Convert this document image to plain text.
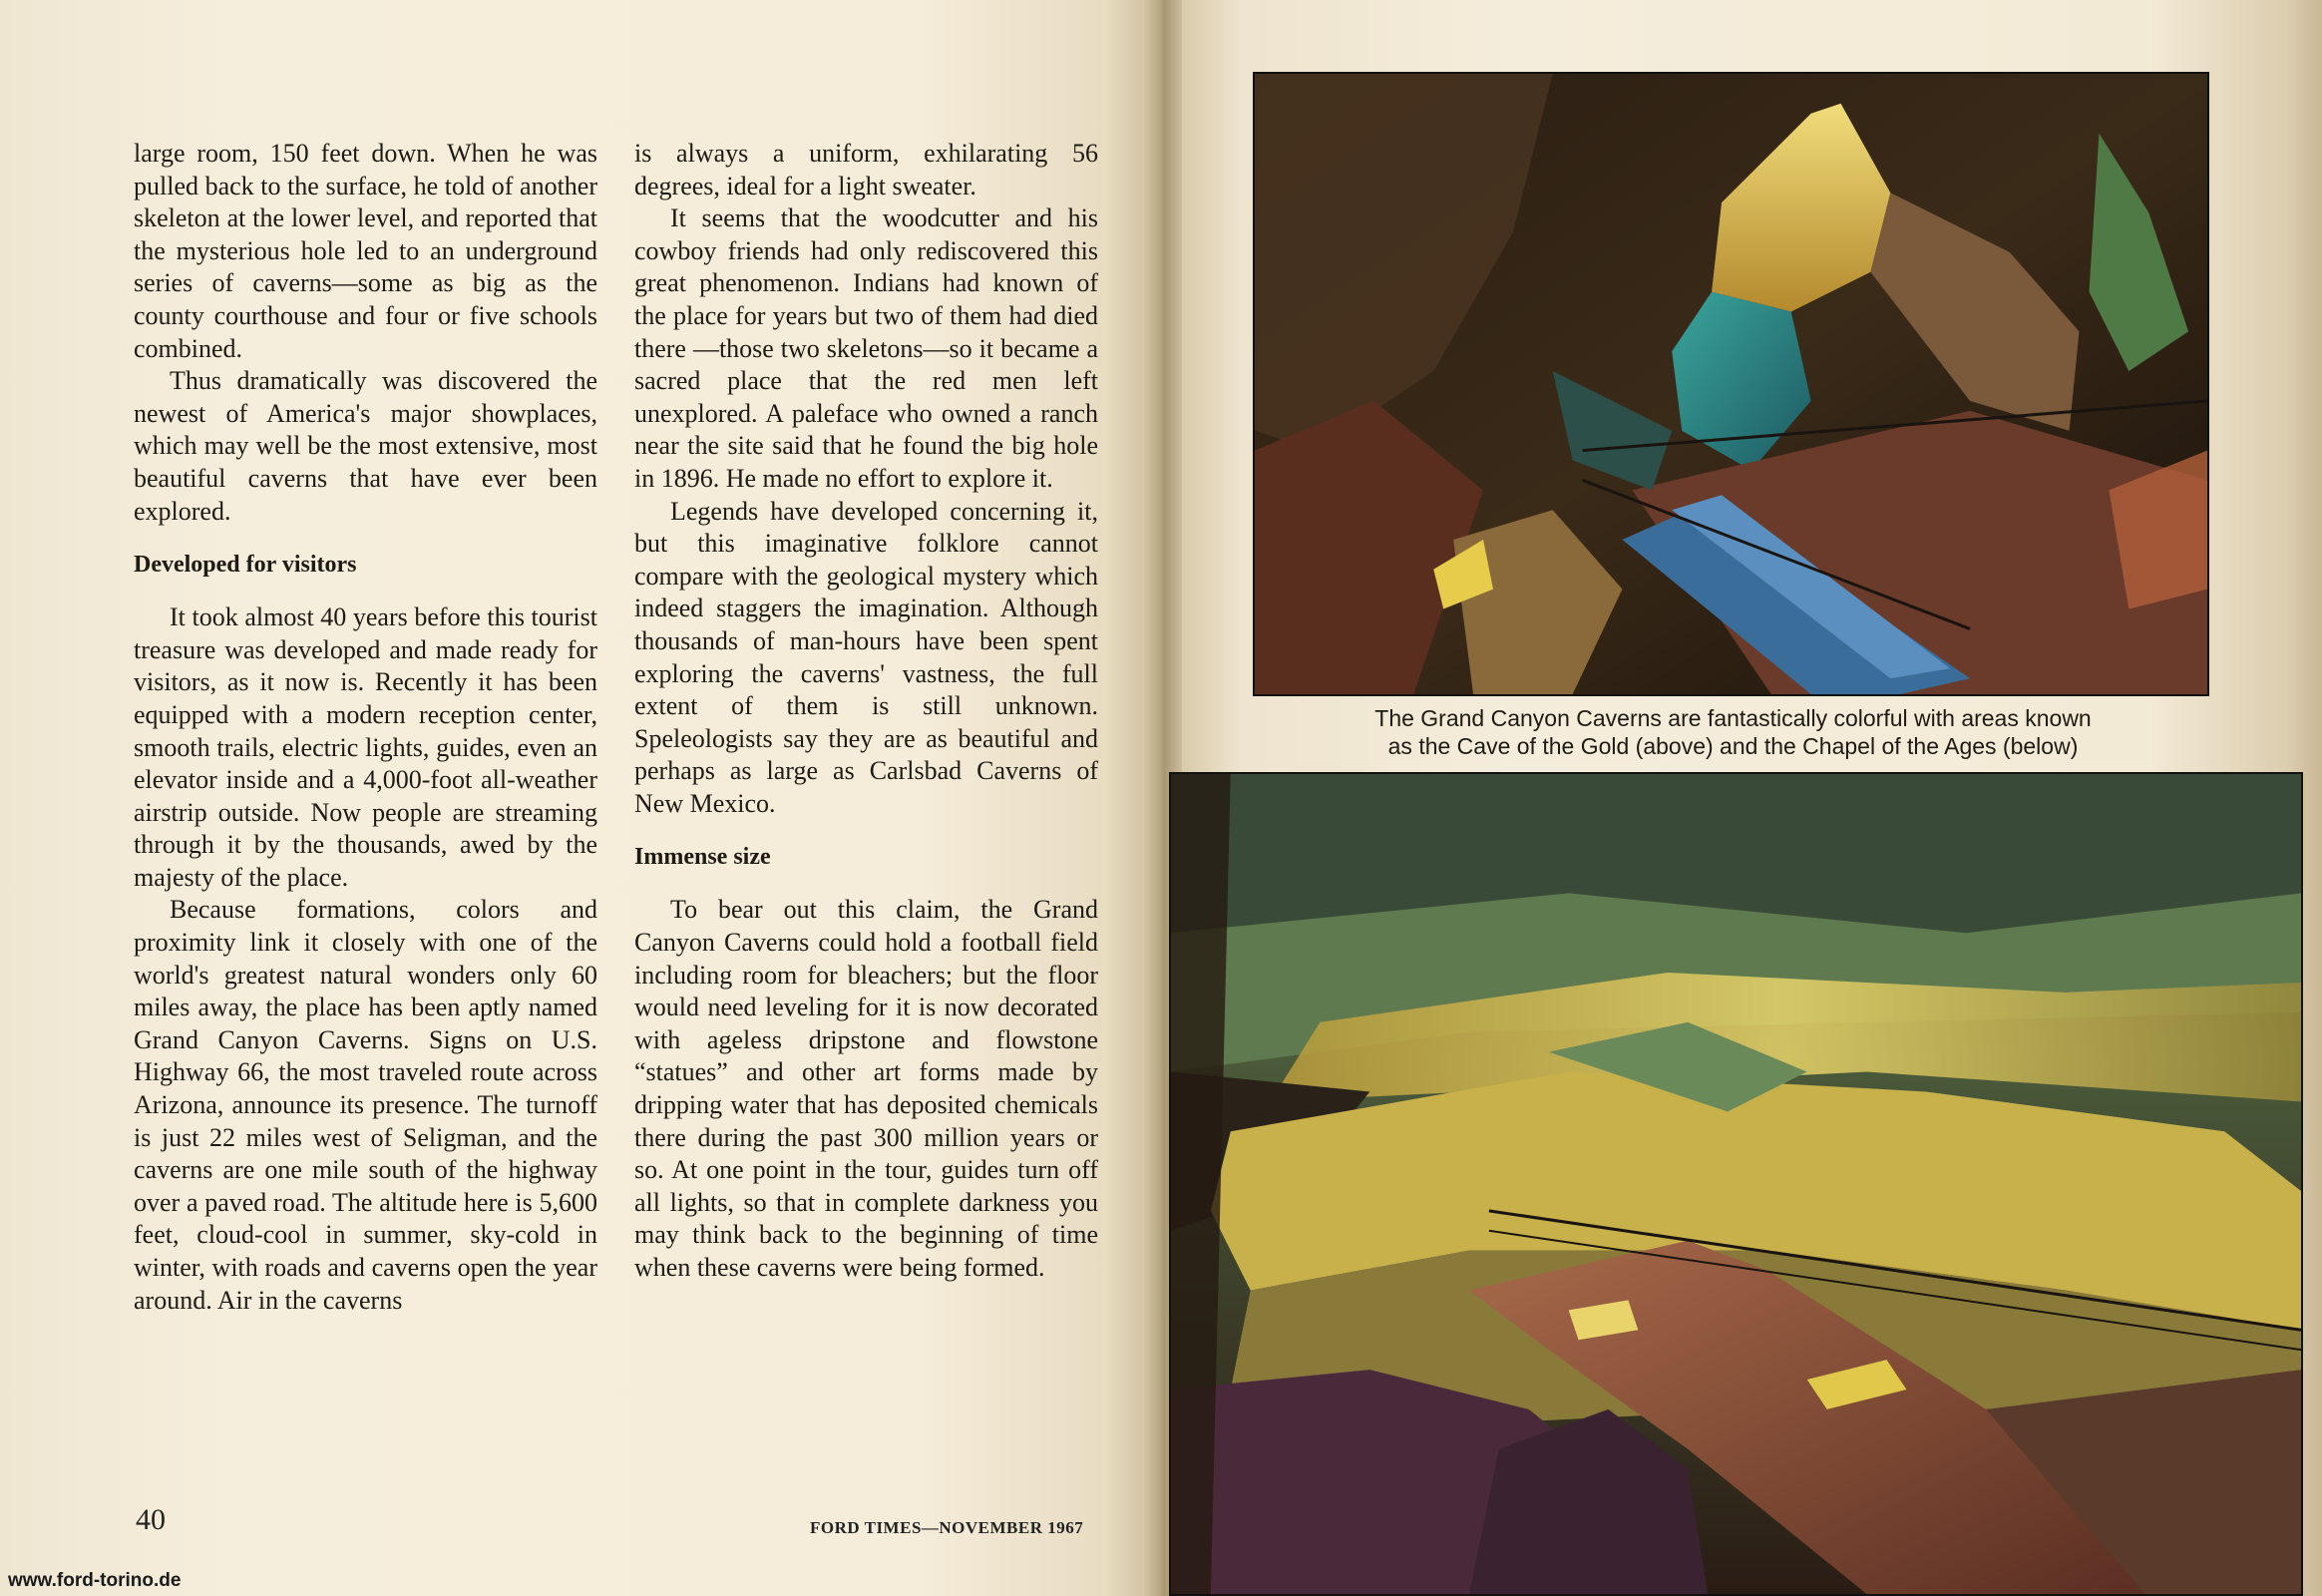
large room, 150 feet down. When he was pulled back to the surface, he told of another skeleton at the lower level, and reported that the mysterious hole led to an underground series of caverns—some as big as the county courthouse and four or five schools combined.

Thus dramatically was discovered the newest of America's major showplaces, which may well be the most extensive, most beautiful caverns that have ever been explored.

Developed for visitors

It took almost 40 years before this tourist treasure was developed and made ready for visitors, as it now is. Recently it has been equipped with a modern reception center, smooth trails, electric lights, guides, even an elevator inside and a 4,000-foot all-weather airstrip outside. Now people are streaming through it by the thousands, awed by the majesty of the place.

Because formations, colors and proximity link it closely with one of the world's greatest natural wonders only 60 miles away, the place has been aptly named Grand Canyon Caverns. Signs on U.S. Highway 66, the most traveled route across Arizona, announce its presence. The turnoff is just 22 miles west of Seligman, and the caverns are one mile south of the highway over a paved road. The altitude here is 5,600 feet, cloud-cool in summer, sky-cold in winter, with roads and caverns open the year around. Air in the caverns

is always a uniform, exhilarating 56 degrees, ideal for a light sweater.

It seems that the woodcutter and his cowboy friends had only rediscovered this great phenomenon. Indians had known of the place for years but two of them had died there —those two skeletons—so it became a sacred place that the red men left unexplored. A paleface who owned a ranch near the site said that he found the big hole in 1896. He made no effort to explore it.

Legends have developed concerning it, but this imaginative folklore cannot compare with the geological mystery which indeed staggers the imagination. Although thousands of man-hours have been spent exploring the caverns' vastness, the full extent of them is still unknown. Speleologists say they are as beautiful and perhaps as large as Carlsbad Caverns of New Mexico.

Immense size

To bear out this claim, the Grand Canyon Caverns could hold a football field including room for bleachers; but the floor would need leveling for it is now decorated with ageless dripstone and flowstone “statues” and other art forms made by dripping water that has deposited chemicals there during the past 300 million years or so. At one point in the tour, guides turn off all lights, so that in complete darkness you may think back to the beginning of time when these caverns were being formed.

40	FORD TIMES—NOVEMBER 1967
www.ford-torino.de
The Grand Canyon Caverns are fantastically colorful with areas known
as the Cave of the Gold (above) and the Chapel of the Ages (below)
